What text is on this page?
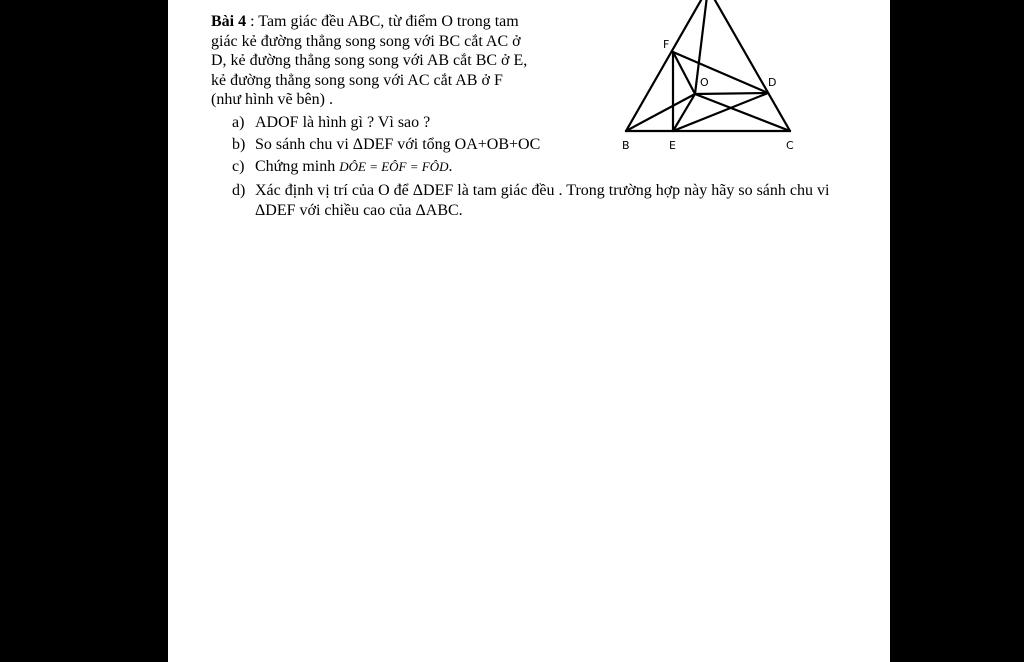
Bài 4 : Tam giác đều ABC, từ điểm O trong tam giác kẻ đường thẳng song song với BC cắt AC ở D, kẻ đường thẳng song song với AB cắt BC ở E, kẻ đường thẳng song song với AC cắt AB ở F (như hình vẽ bên) .
a) ADOF là hình gì ? Vì sao ?
b) So sánh chu vi ΔDEF với tổng OA+OB+OC
c) Chứng minh DÔE = EÔF = FÔD.
d) Xác định vị trí của O để ΔDEF là tam giác đều . Trong trường hợp này hãy so sánh chu vi ΔDEF với chiều cao của ΔABC.
F
O	D
B	E	C
